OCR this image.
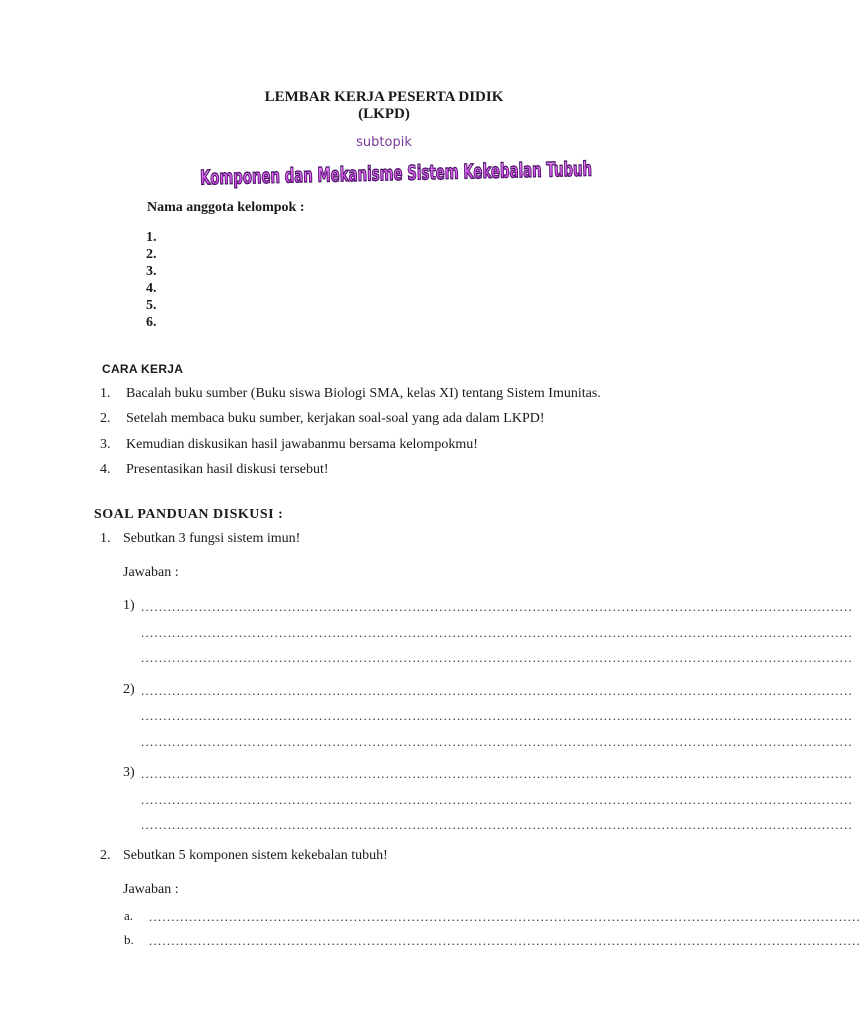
LEMBAR KERJA PESERTA DIDIK
(LKPD)
subtopik
Komponen dan Mekanisme Sistem Kekebalan Tubuh
Nama anggota kelompok :
1.
2.
3.
4.
5.
6.
CARA KERJA
1. Bacalah buku sumber (Buku siswa Biologi SMA, kelas XI) tentang Sistem Imunitas.
2. Setelah membaca buku sumber, kerjakan soal-soal yang ada dalam LKPD!
3. Kemudian diskusikan hasil jawabanmu bersama kelompokmu!
4. Presentasikan hasil diskusi tersebut!
SOAL PANDUAN DISKUSI :
1. Sebutkan 3 fungsi sistem imun!
Jawaban :
1) ................................................................................................................................................................
................................................................................................................................................................
................................................................................................................................................................
2) ................................................................................................................................................................
................................................................................................................................................................
................................................................................................................................................................
3) ................................................................................................................................................................
................................................................................................................................................................
................................................................................................................................................................
2. Sebutkan 5 komponen sistem kekebalan tubuh!
Jawaban :
a. ................................................................................................................................................................
b. ................................................................................................................................................................
